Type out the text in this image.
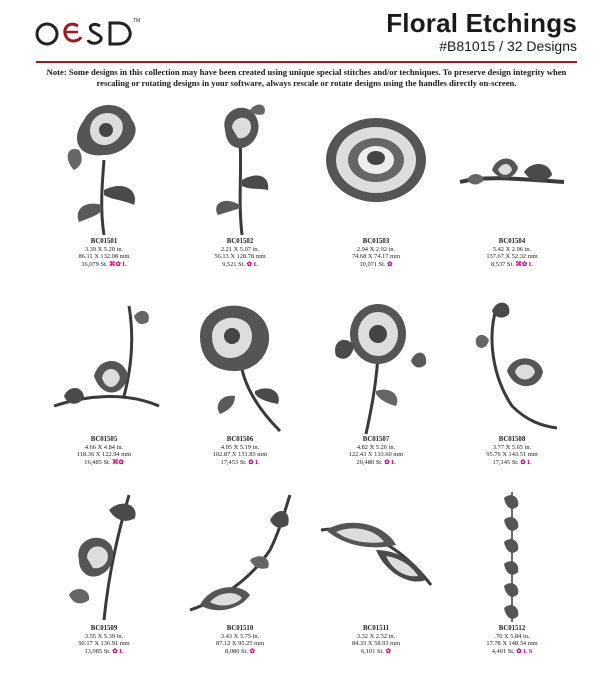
TM	Floral Etchings
#B81015 / 32 Designs
Note: Some designs in this collection may have been created using unique special stitches and/or techniques. To preserve design integrity when rescaling or rotating designs in your software, always rescale or rotate designs using the handles directly on-screen.
BC01501
3.39 X 5.20 in.
86.11 X 132.08 mm
16,079 St. ⌘✿ L
BC01502
2.21 X 5.07 in.
56.13 X 128.78 mm
9,521 St. ✿ L
BC01503
2.94 X 2.92 in.
74.68 X 74.17 mm
10,071 St. ✿
BC01504
5.42 X 2.06 in.
137.67 X 52.32 mm
8,537 St. ⌘✿ L
BC01505
4.66 X 4.84 in.
118.36 X 122.94 mm
16,485 St. ⌘✿
BC01506
4.05 X 5.19 in.
102.87 X 131.83 mm
17,453 St. ✿ L
BC01507
4.82 X 5.26 in.
122.43 X 133.60 mm
20,480 St. ✿ L
BC01508
3.77 X 5.65 in.
95.76 X 143.51 mm
17,145 St. ✿ L
BC01509
3.55 X 5.39 in.
90.17 X 136.91 mm
13,085 St. ✿ L
BC01510
3.43 X 3.75 in.
87.12 X 95.25 mm
8,080 St. ✿
BC01511
3.32 X 2.32 in.
84.33 X 58.93 mm
6,101 St. ✿
BC01512
.70 X 5.84 in.
17.78 X 148.34 mm
4,401 St. ✿ L S
